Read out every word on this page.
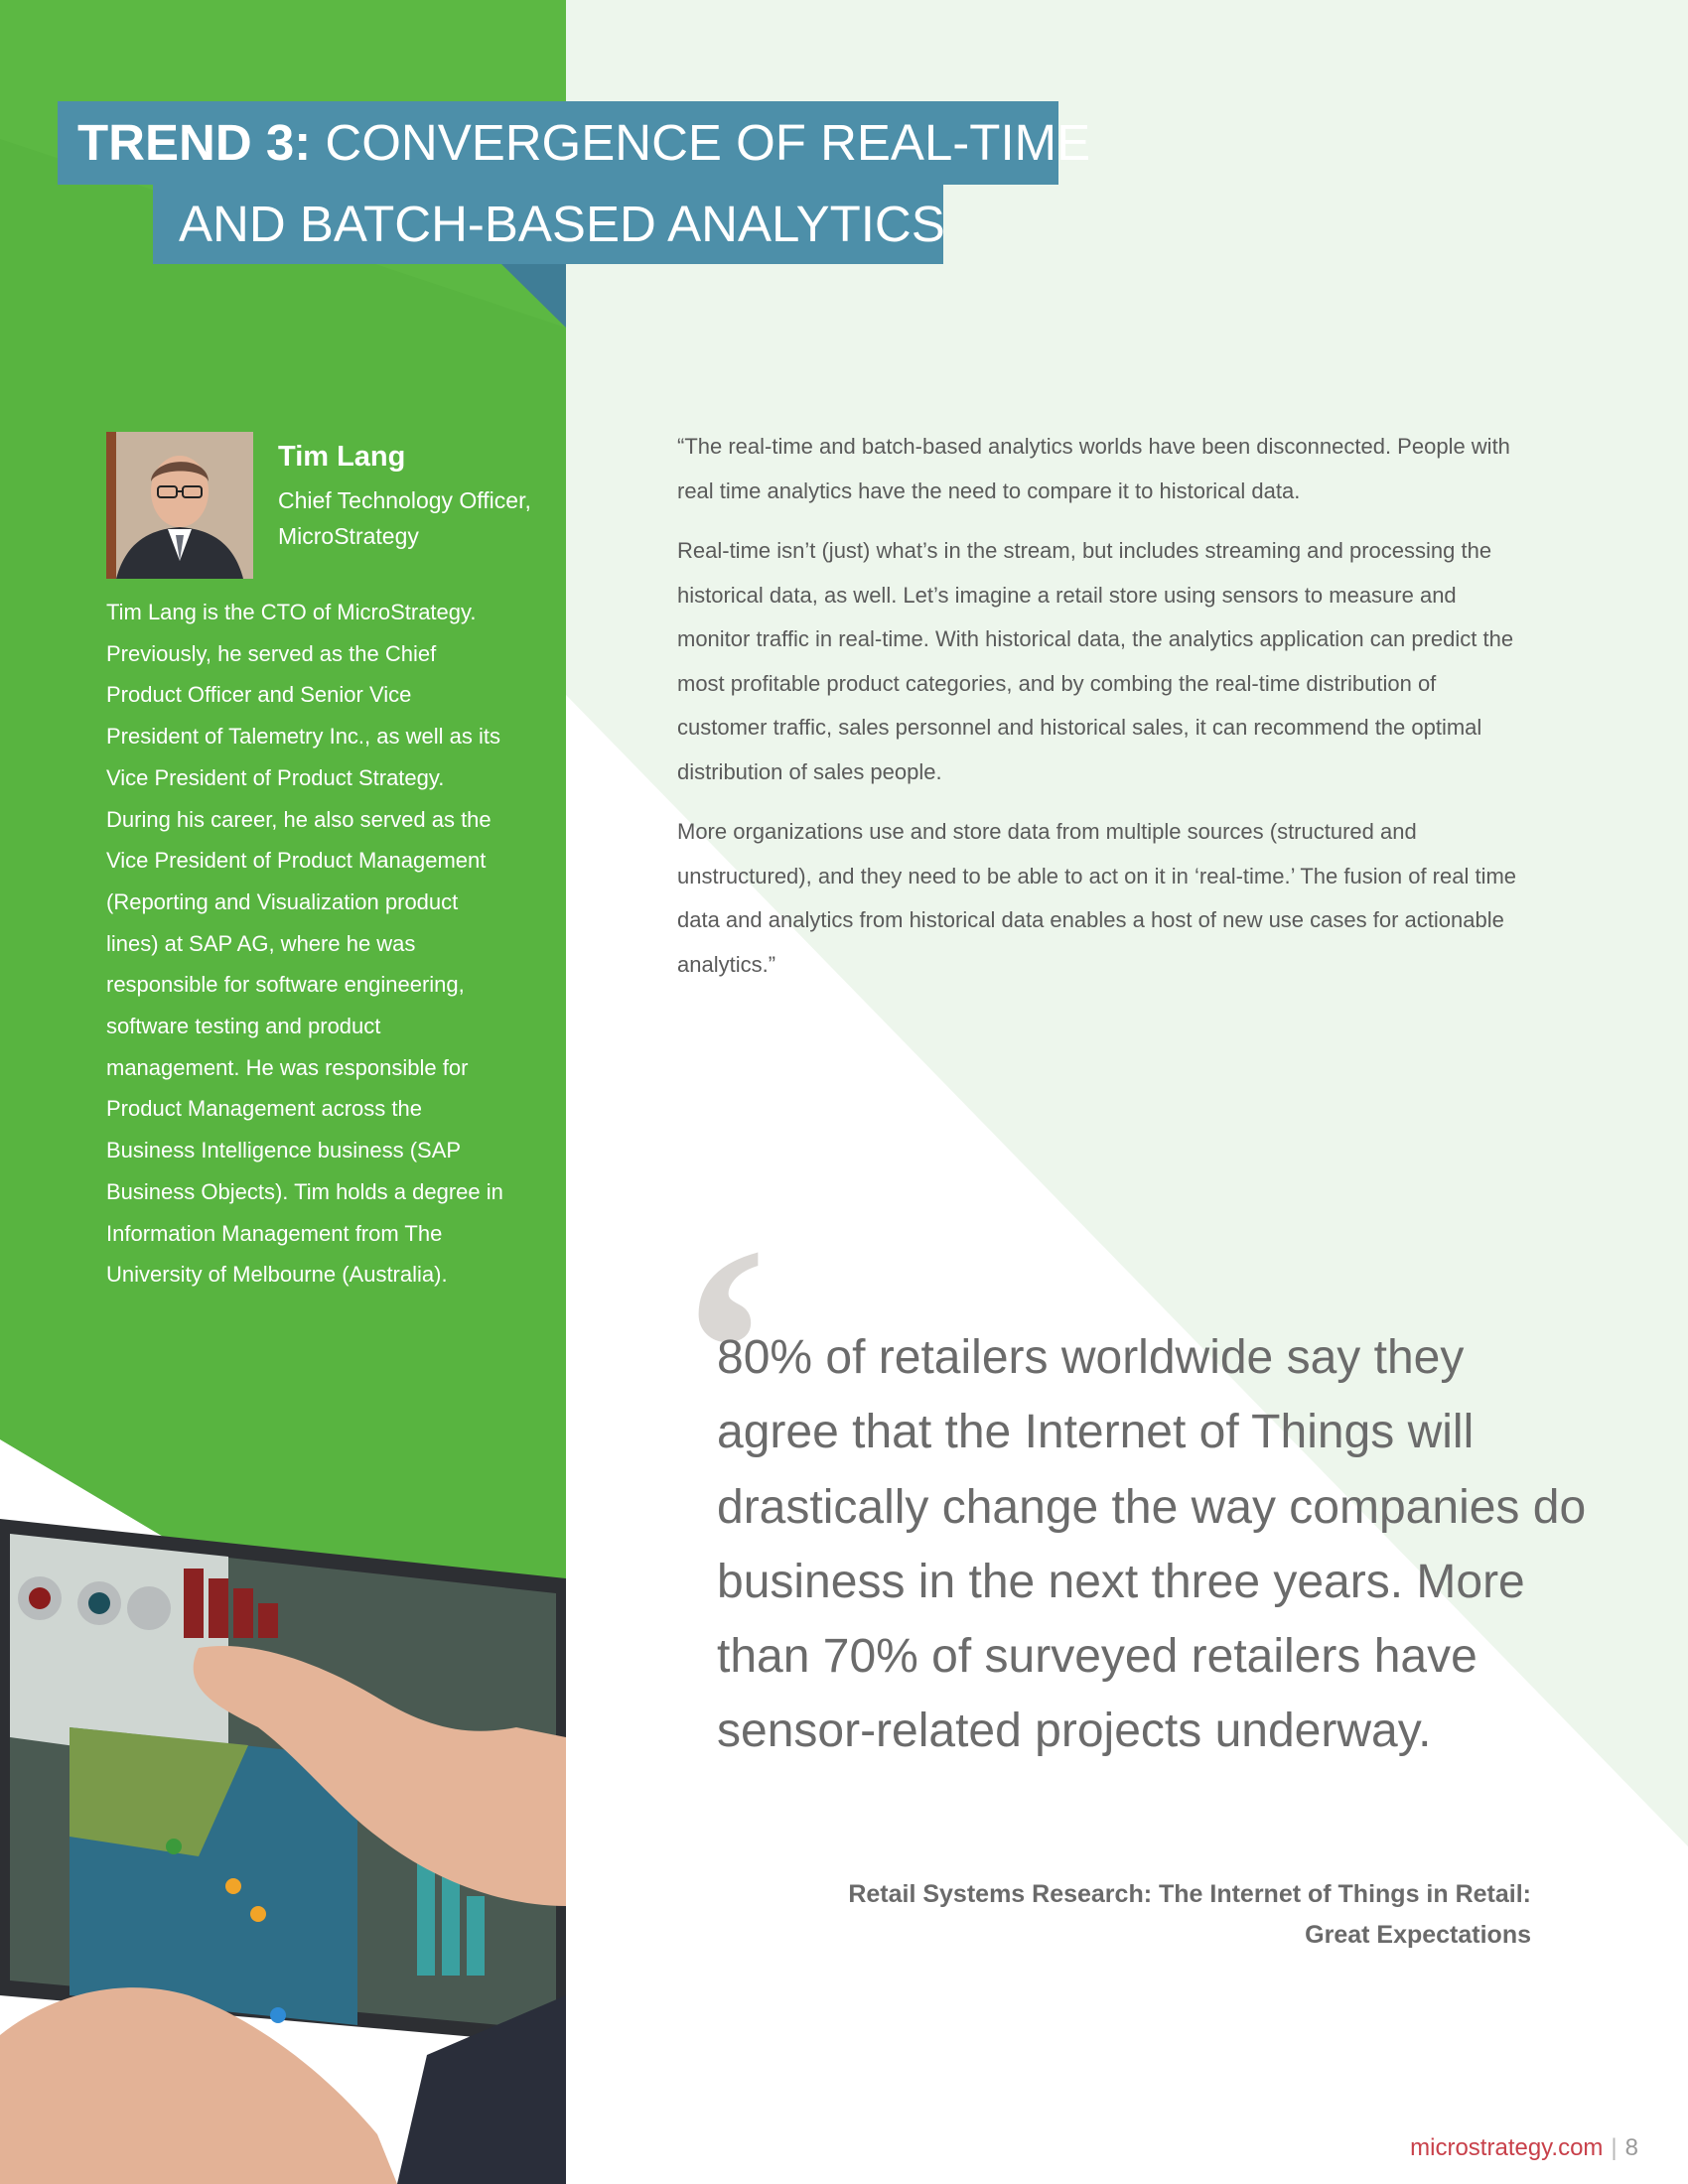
TREND 3: CONVERGENCE OF REAL-TIME
AND BATCH-BASED ANALYTICS
Tim Lang
Chief Technology Officer,
MicroStrategy
Tim Lang is the CTO of MicroStrategy. Previously, he served as the Chief Product Officer and Senior Vice President of Talemetry Inc., as well as its Vice President of Product Strategy. During his career, he also served as the Vice President of Product Management (Reporting and Visualization product lines) at SAP AG, where he was responsible for software engineering, software testing and product management. He was responsible for Product Management across the Business Intelligence business (SAP Business Objects). Tim holds a degree in Information Management from The University of Melbourne (Australia).

“The real-time and batch-based analytics worlds have been disconnected. People with real time analytics have the need to compare it to historical data.

Real-time isn’t (just) what’s in the stream, but includes streaming and processing the historical data, as well. Let’s imagine a retail store using sensors to measure and monitor traffic in real-time. With historical data, the analytics application can predict the most profitable product categories, and by combing the real-time distribution of customer traffic, sales personnel and historical sales, it can recommend the optimal distribution of sales people.

More organizations use and store data from multiple sources (structured and unstructured), and they need to be able to act on it in ‘real-time.’ The fusion of real time data and analytics from historical data enables a host of new use cases for actionable analytics.”

‘
80% of retailers worldwide say they agree that the Internet of Things will drastically change the way companies do business in the next three years. More than 70% of surveyed retailers have sensor-related projects underway.
Retail Systems Research: The Internet of Things in Retail:
Great Expectations
microstrategy.com | 8
